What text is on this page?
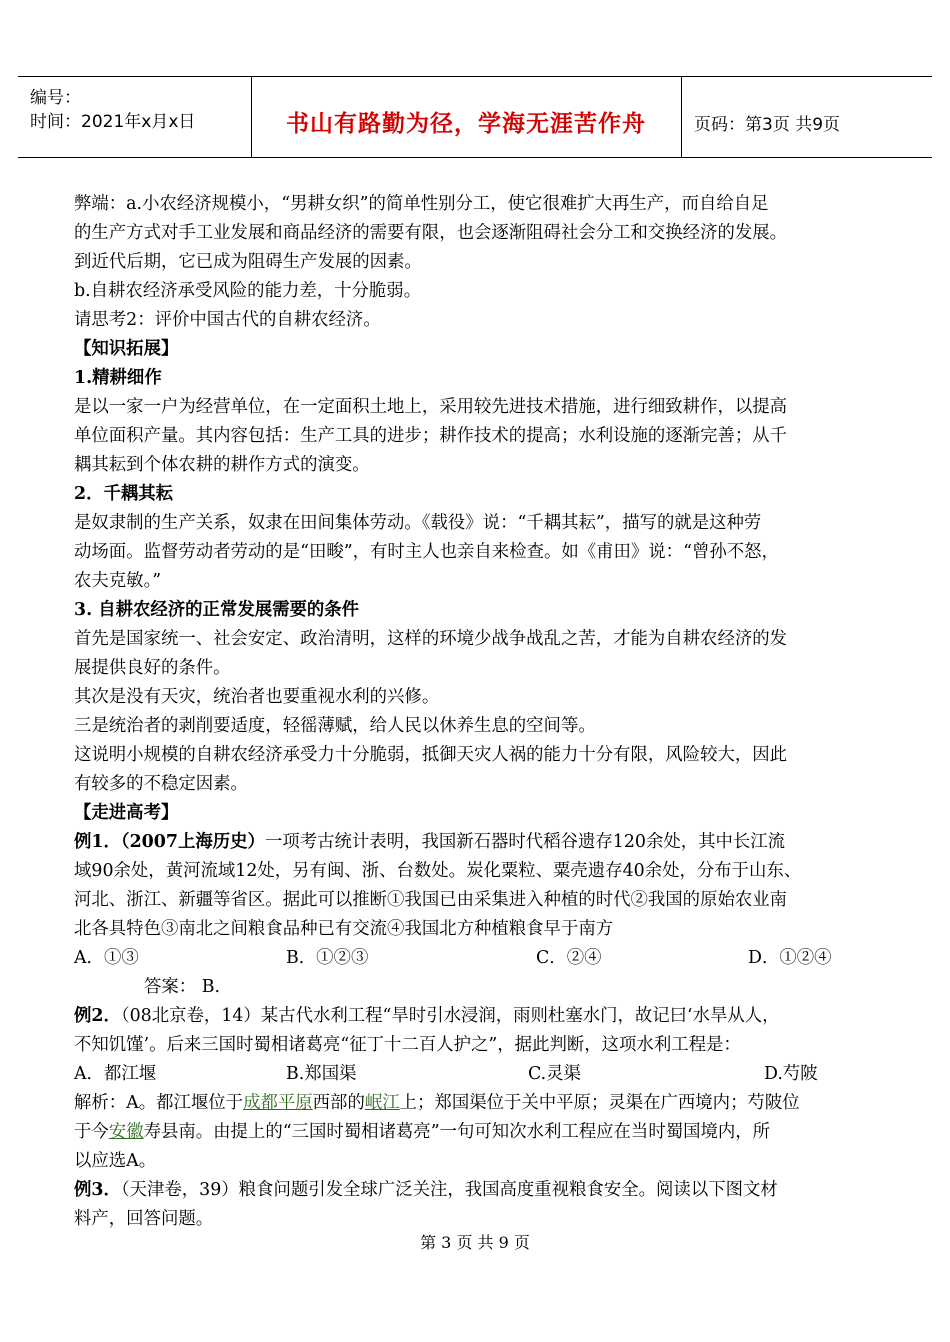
编号：
时间：2021年x月x日	书山有路勤为径，学海无涯苦作舟	页码：第3页 共9页

弊端：a.小农经济规模小，“男耕女织”的简单性别分工，使它很难扩大再生产，而自给自足

的生产方式对手工业发展和商品经济的需要有限，也会逐渐阻碍社会分工和交换经济的发展。

到近代后期，它已成为阻碍生产发展的因素。

b.自耕农经济承受风险的能力差，十分脆弱。

请思考2：评价中国古代的自耕农经济。

【知识拓展】

1.精耕细作

是以一家一户为经营单位，在一定面积土地上，采用较先进技术措施，进行细致耕作，以提高

单位面积产量。其内容包括：生产工具的进步；耕作技术的提高；水利设施的逐渐完善；从千

耦其耘到个体农耕的耕作方式的演变。

2．千耦其耘

是奴隶制的生产关系，奴隶在田间集体劳动。《载役》说：“千耦其耘”，描写的就是这种劳

动场面。监督劳动者劳动的是“田畯”，有时主人也亲自来检查。如《甫田》说：“曾孙不怒，

农夫克敏。”

3. 自耕农经济的正常发展需要的条件

首先是国家统一、社会安定、政治清明，这样的环境少战争战乱之苦，才能为自耕农经济的发

展提供良好的条件。

其次是没有天灾，统治者也要重视水利的兴修。

三是统治者的剥削要适度，轻徭薄赋，给人民以休养生息的空间等。

这说明小规模的自耕农经济承受力十分脆弱，抵御天灾人祸的能力十分有限，风险较大，因此

有较多的不稳定因素。

【走进高考】

例1．（2007上海历史）一项考古统计表明，我国新石器时代稻谷遗存120余处，其中长江流

域90余处，黄河流域12处，另有闽、浙、台数处。炭化粟粒、粟壳遗存40余处，分布于山东、

河北、浙江、新疆等省区。据此可以推断①我国已由采集进入种植的时代②我国的原始农业南

北各具特色③南北之间粮食品种已有交流④我国北方种植粮食早于南方

A．①③	B．①②③	C．②④	D．①②④

答案： B.

例2．（08北京卷，14）某古代水利工程“旱时引水浸润，雨则杜塞水门，故记曰‘水旱从人，

不知饥馑’。后来三国时蜀相诸葛亮“征丁十二百人护之”，据此判断，这项水利工程是：

A．都江堰	B.郑国渠	C.灵渠	D.芍陂

解析：A。都江堰位于成都平原西部的岷江上；郑国渠位于关中平原；灵渠在广西境内；芍陂位

于今安徽寿县南。由提上的“三国时蜀相诸葛亮”一句可知次水利工程应在当时蜀国境内，所

以应选A。

例3．（天津卷，39）粮食问题引发全球广泛关注，我国高度重视粮食安全。阅读以下图文材

料产，回答问题。

第 3 页 共 9 页
